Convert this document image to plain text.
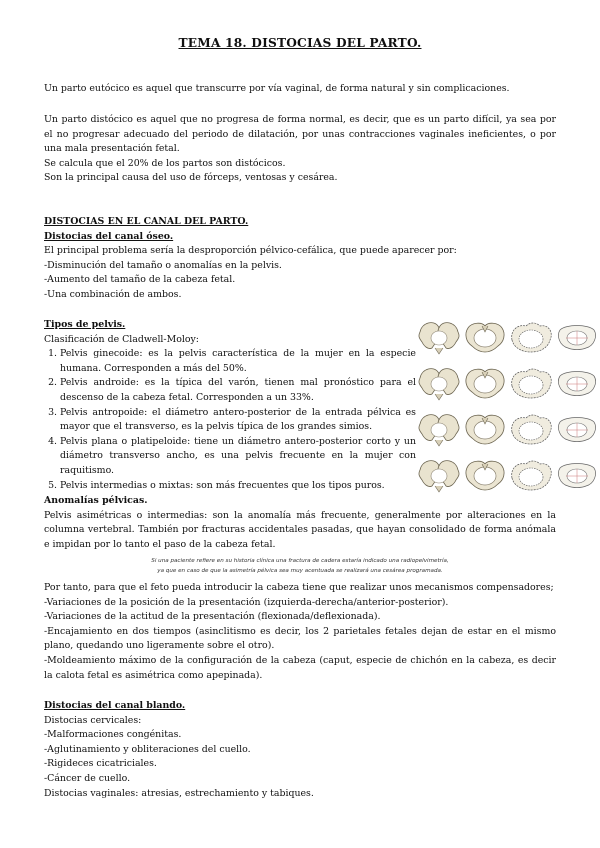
TEMA 18. DISTOCIAS DEL PARTO.

Un parto eutócico es aquel que transcurre por vía vaginal, de forma natural y sin complicaciones.

Un parto distócico es aquel que no progresa de forma normal, es decir, que es un parto difícil, ya sea por el no progresar adecuado del periodo de dilatación, por unas contracciones vaginales ineficientes, o por una mala presentación fetal.

Se calcula que el 20% de los partos son distócicos.

Son la principal causa del uso de fórceps, ventosas y cesárea.

DISTOCIAS EN EL CANAL DEL PARTO.

Distocias del canal óseo.

El principal problema sería la desproporción pélvico-cefálica, que puede aparecer por:

-Disminución del tamaño o anomalías en la pelvis.

-Aumento del tamaño de la cabeza fetal.

-Una combinación de ambos.

Tipos de pelvis.

Clasificación de Cladwell-Moloy:

1. Pelvis ginecoide: es la pelvis característica de la mujer en la especie humana. Corresponden a más del 50%.
2. Pelvis androide: es la típica del varón, tienen mal pronóstico para el descenso de la cabeza fetal. Corresponden a un 33%.
3. Pelvis antropoide: el diámetro antero-posterior de la entrada pélvica es mayor que el transverso, es la pelvis típica de los grandes simios.
4. Pelvis plana o platipeloide: tiene un diámetro antero-posterior corto y un diámetro transverso ancho, es una pelvis frecuente en la mujer con raquitismo.
5. Pelvis intermedias o mixtas: son más frecuentes que los tipos puros.

Anomalías pélvicas.

Pelvis asimétricas o intermedias: son la anomalía más frecuente, generalmente por alteraciones en la columna vertebral. También por fracturas accidentales pasadas, que hayan consolidado de forma anómala e impidan por lo tanto el paso de la cabeza fetal.

Si una paciente refiere en su historia clínica una fractura de cadera estaría indicado una radiopelvimetría,

ya que en caso de que la asimetría pélvica sea muy acentuada se realizará una cesárea programada.

Por tanto, para que el feto pueda introducir la cabeza tiene que realizar unos mecanismos compensadores;

-Variaciones de la posición de la presentación (izquierda-derecha/anterior-posterior).

-Variaciones de la actitud de la presentación (flexionada/deflexionada).

-Encajamiento en dos tiempos (asinclitismo es decir, los 2 parietales fetales dejan de estar en el mismo plano, quedando uno ligeramente sobre el otro).

-Moldeamiento máximo de la configuración de la cabeza (caput, especie de chichón en la cabeza, es decir la calota fetal es asimétrica como apepinada).

Distocias del canal blando.

Distocias cervicales:

-Malformaciones congénitas.

-Aglutinamiento y obliteraciones del cuello.

-Rigideces cicatriciales.

-Cáncer de cuello.

Distocias vaginales: atresias, estrechamiento y tabiques.
